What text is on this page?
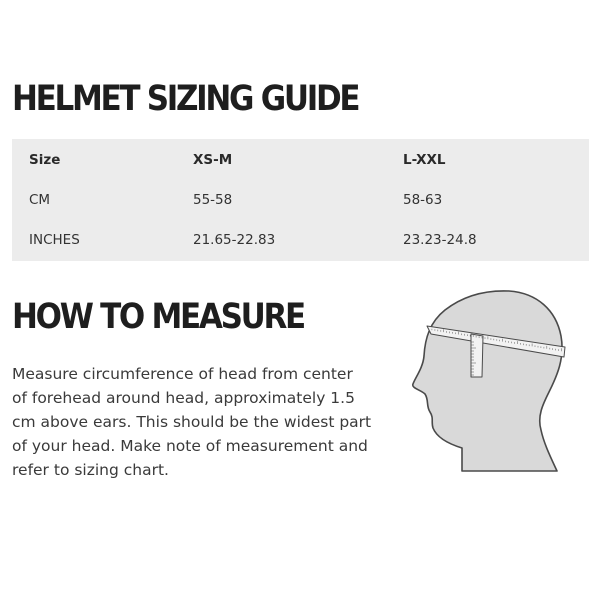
HELMET SIZING GUIDE
Size	XS-M	L-XXL
CM	55-58	58-63
INCHES	21.65-22.83	23.23-24.8
HOW TO MEASURE

Measure circumference of head from center
of forehead around head, approximately 1.5
cm above ears. This should be the widest part
of your head. Make note of measurement and
refer to sizing chart.
